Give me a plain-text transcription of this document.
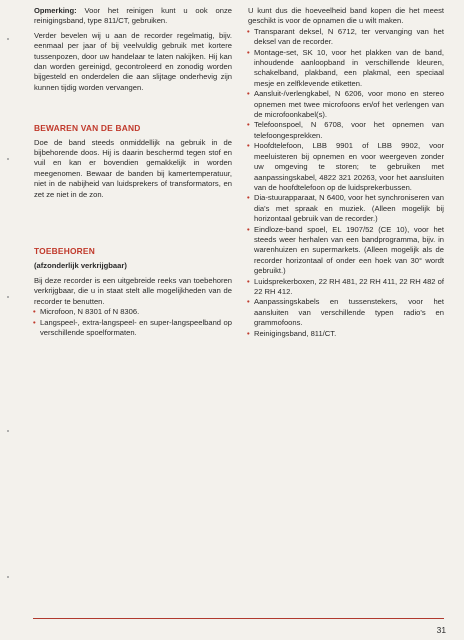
Opmerking: Voor het reinigen kunt u ook onze reinigingsband, type 811/CT, gebruiken.

Verder bevelen wij u aan de recorder regelmatig, bijv. eenmaal per jaar of bij veelvuldig gebruik met kortere tussenpozen, door uw handelaar te laten nakijken. Hij kan dan worden gereinigd, gecontroleerd en zonodig worden bijgesteld en onderdelen die aan slijtage onderhevig zijn kunnen tijdig worden vervangen.

BEWAREN VAN DE BAND

Doe de band steeds onmiddellijk na gebruik in de bijbehorende doos. Hij is daarin beschermd tegen stof en vuil en kan er bovendien gemakkelijk in worden meegenomen. Bewaar de banden bij kamertemperatuur, niet in de nabijheid van luidsprekers of transformators, en zet ze niet in de zon.

TOEBEHOREN
(afzonderlijk verkrijgbaar)

Bij deze recorder is een uitgebreide reeks van toebehoren verkrijgbaar, die u in staat stelt alle mogelijkheden van de recorder te benutten.

• Microfoon, N 8301 of N 8306.
• Langspeel-, extra-langspeel- en super-langspeelband op verschillende spoelformaten.

U kunt dus die hoeveelheid band kopen die het meest geschikt is voor de opnamen die u wilt maken.

• Transparant deksel, N 6712, ter vervanging van het deksel van de recorder.
• Montage-set, SK 10, voor het plakken van de band, inhoudende aanloopband in verschillende kleuren, schakelband, plakband, een plakmal, een speciaal mesje en zelfklevende etiketten.
• Aansluit-/verlengkabel, N 6206, voor mono en stereo opnemen met twee microfoons en/of het verlengen van de microfoonkabel(s).
• Telefoonspoel, N 6708, voor het opnemen van telefoongesprekken.
• Hoofdtelefoon, LBB 9901 of LBB 9902, voor meeluisteren bij opnemen en voor weergeven zonder uw omgeving te storen; te gebruiken met aanpassingskabel, 4822 321 20263, voor het aansluiten van de hoofdtelefoon op de luidsprekerbussen.
• Dia-stuurapparaat, N 6400, voor het synchroniseren van dia's met spraak en muziek. (Alleen mogelijk bij horizontaal gebruik van de recorder.)
• Eindloze-band spoel, EL 1907/52 (CE 10), voor het steeds weer herhalen van een bandprogramma, bijv. in warenhuizen en supermarkets. (Alleen mogelijk als de recorder horizontaal of onder een hoek van 30° wordt gebruikt.)
• Luidsprekerboxen, 22 RH 481, 22 RH 411, 22 RH 482 of 22 RH 412.
• Aanpassingskabels en tussenstekers, voor het aansluiten van verschillende typen radio's en grammofoons.
• Reinigingsband, 811/CT.
31
